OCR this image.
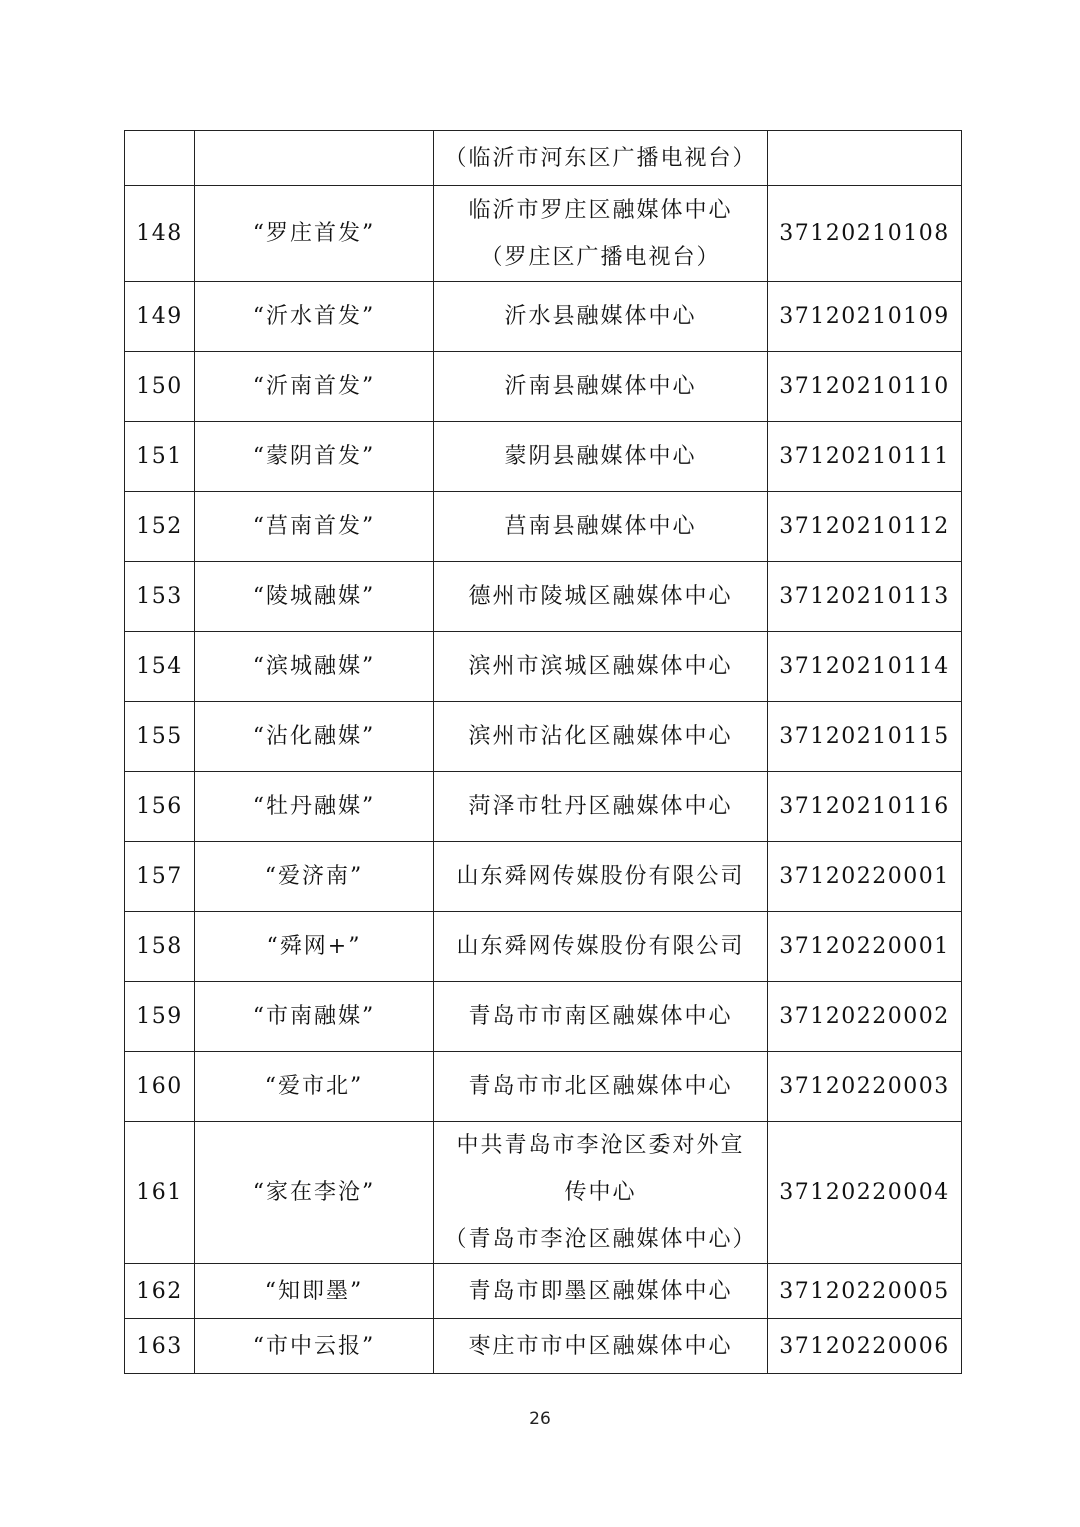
		（临沂市河东区广播电视台）	

148	“罗庄首发”	临沂市罗庄区融媒体中心
（罗庄区广播电视台）	37120210108
149	“沂水首发”	沂水县融媒体中心	37120210109
150	“沂南首发”	沂南县融媒体中心	37120210110
151	“蒙阴首发”	蒙阴县融媒体中心	37120210111
152	“莒南首发”	莒南县融媒体中心	37120210112
153	“陵城融媒”	德州市陵城区融媒体中心	37120210113
154	“滨城融媒”	滨州市滨城区融媒体中心	37120210114
155	“沾化融媒”	滨州市沾化区融媒体中心	37120210115
156	“牡丹融媒”	菏泽市牡丹区融媒体中心	37120210116
157	“爱济南”	山东舜网传媒股份有限公司	37120220001
158	“舜网+”	山东舜网传媒股份有限公司	37120220001
159	“市南融媒”	青岛市市南区融媒体中心	37120220002
160	“爱市北”	青岛市市北区融媒体中心	37120220003
161	“家在李沧”	中共青岛市李沧区委对外宣
传中心
（青岛市李沧区融媒体中心）	37120220004
162	“知即墨”	青岛市即墨区融媒体中心	37120220005
163	“市中云报”	枣庄市市中区融媒体中心	37120220006
26
